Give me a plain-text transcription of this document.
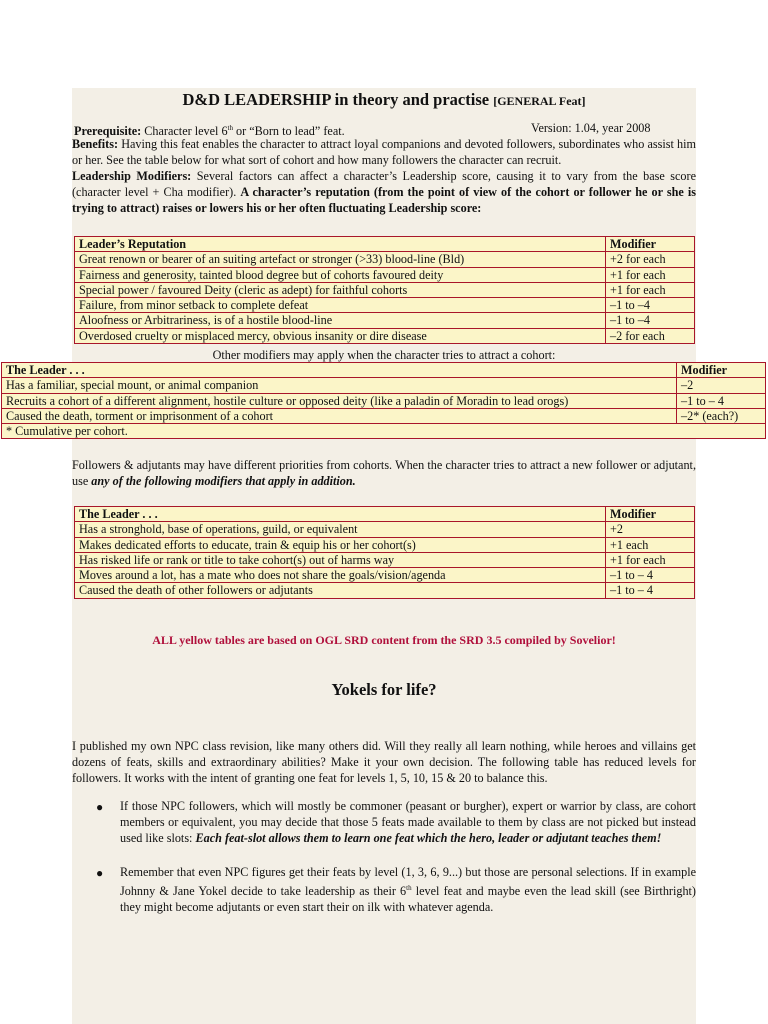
D&D LEADERSHIP in theory and practise [GENERAL Feat]
Prerequisite: Character level 6th or “Born to lead” feat.	Version: 1.04, year 2008
Benefits: Having this feat enables the character to attract loyal companions and devoted followers, subordinates who assist him or her. See the table below for what sort of cohort and how many followers the character can recruit.
Leadership Modifiers: Several factors can affect a character’s Leadership score, causing it to vary from the base score (character level + Cha modifier). A character’s reputation (from the point of view of the cohort or follower he or she is trying to attract) raises or lowers his or her often fluctuating Leadership score:
Leader’s Reputation	Modifier
Great renown or bearer of an suiting artefact or stronger (>33) blood-line (Bld)	+2 for each
Fairness and generosity, tainted blood degree but of cohorts favoured deity	+1 for each
Special power / favoured Deity (cleric as adept) for faithful cohorts	+1 for each
Failure, from minor setback to complete defeat	–1 to –4
Aloofness or Arbitrariness, is of a hostile blood-line	–1 to –4
Overdosed cruelty or misplaced mercy, obvious insanity or dire disease	–2 for each
Other modifiers may apply when the character tries to attract a cohort:
The Leader . . .	Modifier
Has a familiar, special mount, or animal companion	–2
Recruits a cohort of a different alignment, hostile culture or opposed deity (like a paladin of Moradin to lead orogs)	–1 to – 4
Caused the death, torment or imprisonment of a cohort	–2* (each?)
* Cumulative per cohort.	
Followers & adjutants may have different priorities from cohorts. When the character tries to attract a new follower or adjutant, use any of the following modifiers that apply in addition.
The Leader . . .	Modifier
Has a stronghold, base of operations, guild, or equivalent	+2
Makes dedicated efforts to educate, train & equip his or her cohort(s)	+1 each
Has risked life or rank or title to take cohort(s) out of harms way	+1 for each
Moves around a lot, has a mate who does not share the goals/vision/agenda	–1 to – 4
Caused the death of other followers or adjutants	–1 to – 4
ALL yellow tables are based on OGL SRD content from the SRD 3.5 compiled by Sovelior!
Yokels for life?
I published my own NPC class revision, like many others did. Will they really all learn nothing, while heroes and villains get dozens of feats, skills and extraordinary abilities? Make it your own decision. The following table has reduced levels for followers. It works with the intent of granting one feat for levels 1, 5, 10, 15 & 20 to balance this.
● If those NPC followers, which will mostly be commoner (peasant or burgher), expert or warrior by class, are cohort members or equivalent, you may decide that those 5 feats made available to them by class are not picked but instead used like slots: Each feat-slot allows them to learn one feat which the hero, leader or adjutant teaches them!
● Remember that even NPC figures get their feats by level (1, 3, 6, 9...) but those are personal selections. If in example Johnny & Jane Yokel decide to take leadership as their 6th level feat and maybe even the lead skill (see Birthright) they might become adjutants or even start their on ilk with whatever agenda.
